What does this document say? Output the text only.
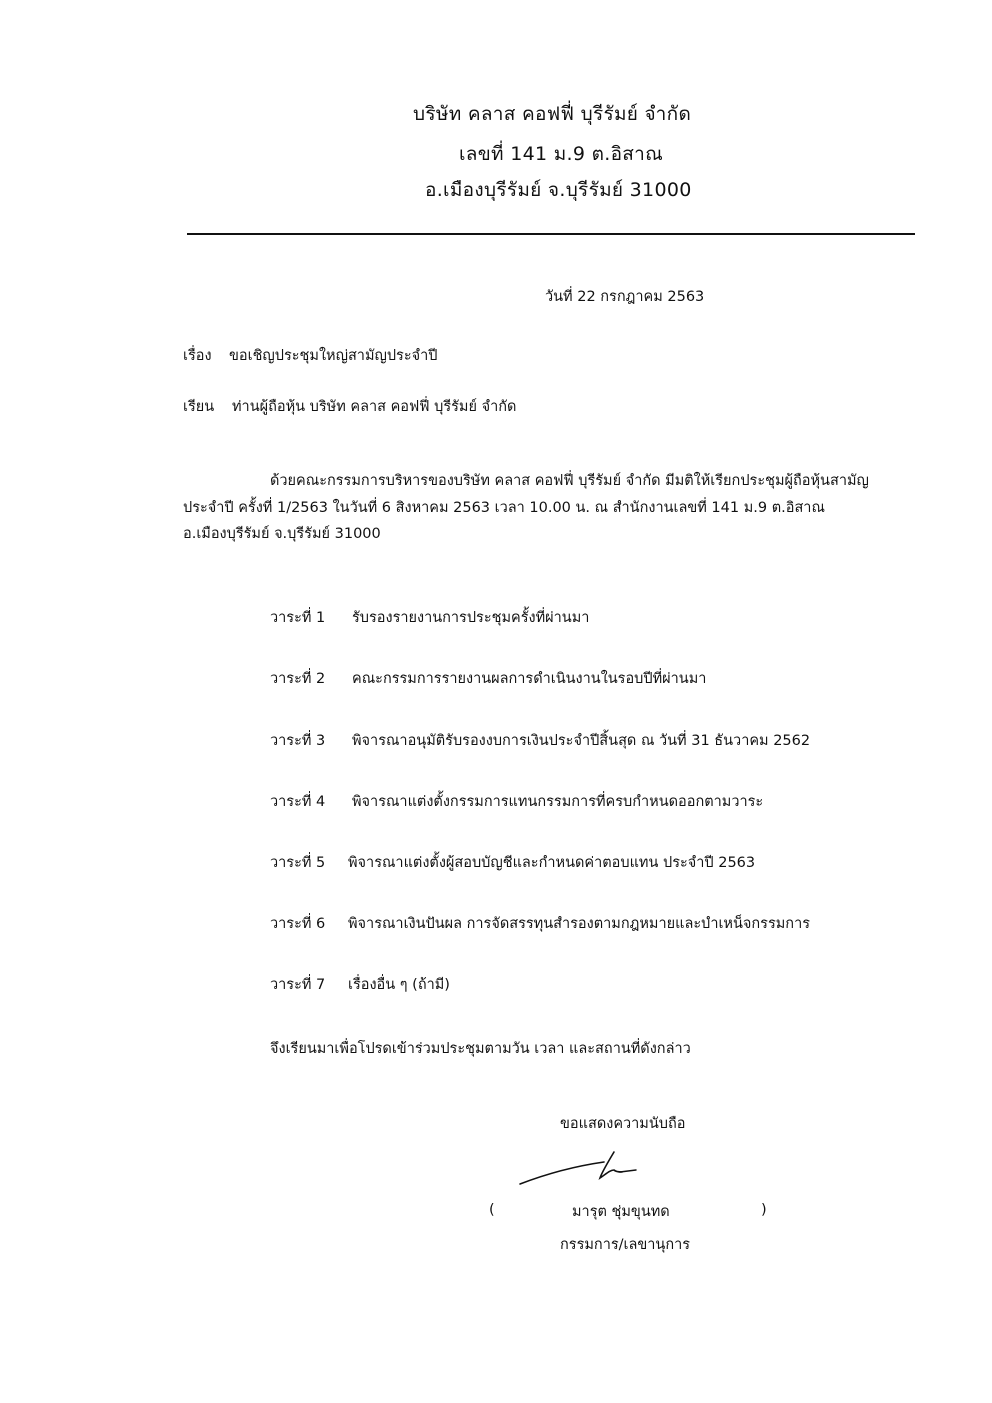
บริษัท คลาส คอฟฟี่ บุรีรัมย์ จำกัด
เลขที่ 141 ม.9 ต.อิสาณ
อ.เมืองบุรีรัมย์ จ.บุรีรัมย์ 31000
วันที่ 22 กรกฎาคม 2563
เรื่อง ขอเชิญประชุมใหญ่สามัญประจำปี
เรียน ท่านผู้ถือหุ้น บริษัท คลาส คอฟฟี่ บุรีรัมย์ จำกัด
ด้วยคณะกรรมการบริหารของบริษัท คลาส คอฟฟี่ บุรีรัมย์ จำกัด มีมติให้เรียกประชุมผู้ถือหุ้นสามัญ
ประจำปี ครั้งที่ 1/2563 ในวันที่ 6 สิงหาคม 2563 เวลา 10.00 น. ณ สำนักงานเลขที่ 141 ม.9 ต.อิสาณ
อ.เมืองบุรีรัมย์ จ.บุรีรัมย์ 31000
วาระที่ 1 รับรองรายงานการประชุมครั้งที่ผ่านมา
วาระที่ 2 คณะกรรมการรายงานผลการดำเนินงานในรอบปีที่ผ่านมา
วาระที่ 3 พิจารณาอนุมัติรับรองงบการเงินประจำปีสิ้นสุด ณ วันที่ 31 ธันวาคม 2562
วาระที่ 4 พิจารณาแต่งตั้งกรรมการแทนกรรมการที่ครบกำหนดออกตามวาระ
วาระที่ 5 พิจารณาแต่งตั้งผู้สอบบัญชีและกำหนดค่าตอบแทน ประจำปี 2563
วาระที่ 6 พิจารณาเงินปันผล การจัดสรรทุนสำรองตามกฎหมายและบำเหน็จกรรมการ
วาระที่ 7 เรื่องอื่น ๆ (ถ้ามี)
จึงเรียนมาเพื่อโปรดเข้าร่วมประชุมตามวัน เวลา และสถานที่ดังกล่าว
ขอแสดงความนับถือ
(	มารุต ชุ่มขุนทด	)
กรรมการ/เลขานุการ
